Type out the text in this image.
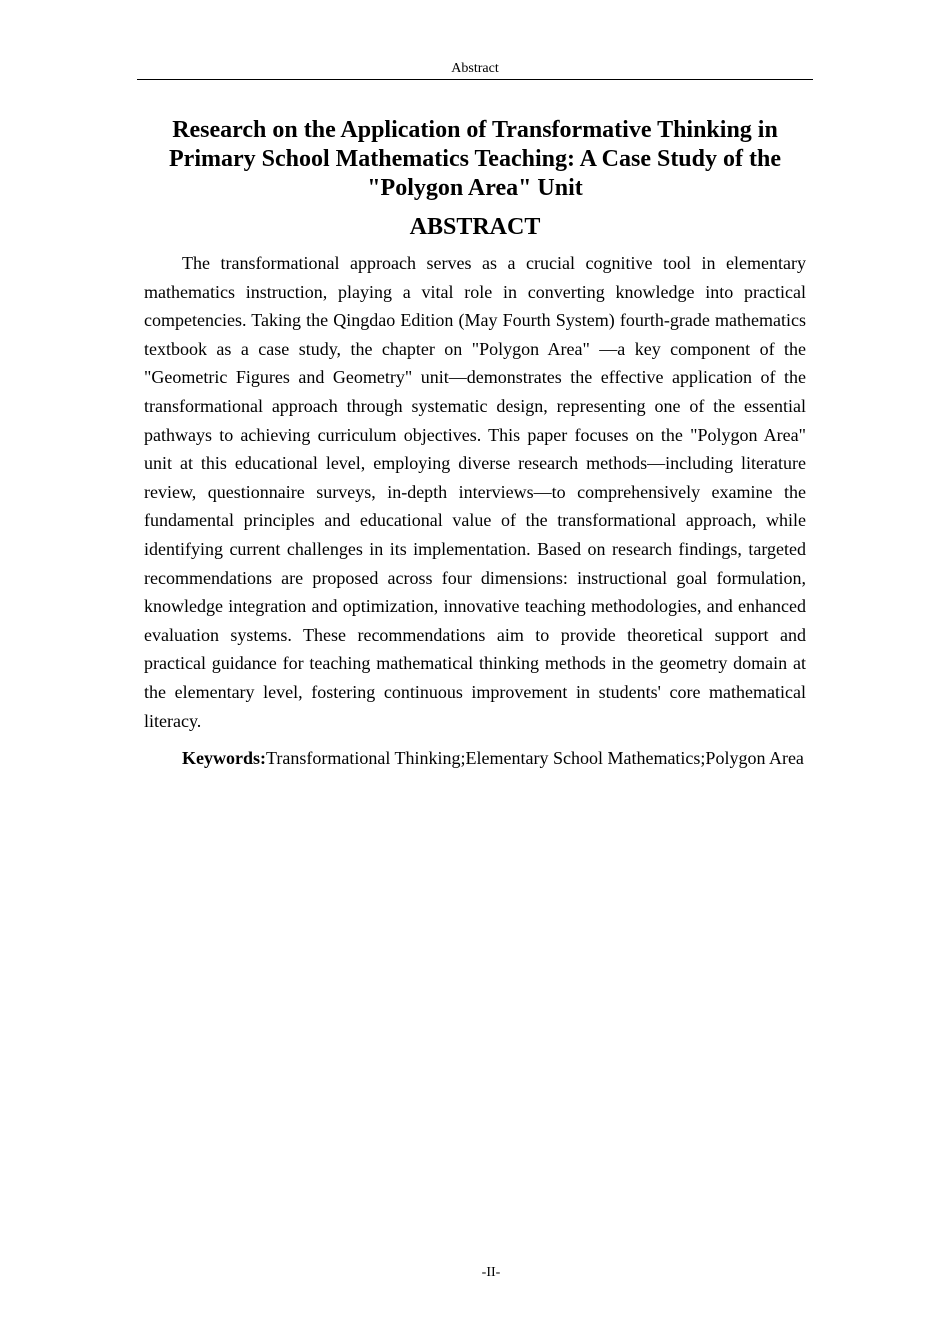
Abstract
Research on the Application of Transformative Thinking in Primary School Mathematics Teaching: A Case Study of the "Polygon Area" Unit
ABSTRACT

The transformational approach serves as a crucial cognitive tool in elementary mathematics instruction, playing a vital role in converting knowledge into practical competencies. Taking the Qingdao Edition (May Fourth System) fourth-grade mathematics textbook as a case study, the chapter on "Polygon Area" —a key component of the "Geometric Figures and Geometry" unit—demonstrates the effective application of the transformational approach through systematic design, representing one of the essential pathways to achieving curriculum objectives. This paper focuses on the "Polygon Area" unit at this educational level, employing diverse research methods—including literature review, questionnaire surveys, in-depth interviews—to comprehensively examine the fundamental principles and educational value of the transformational approach, while identifying current challenges in its implementation. Based on research findings, targeted recommendations are proposed across four dimensions: instructional goal formulation, knowledge integration and optimization, innovative teaching methodologies, and enhanced evaluation systems. These recommendations aim to provide theoretical support and practical guidance for teaching mathematical thinking methods in the geometry domain at the elementary level, fostering continuous improvement in students' core mathematical literacy.

Keywords:Transformational Thinking;Elementary School Mathematics;Polygon Area

-II-
